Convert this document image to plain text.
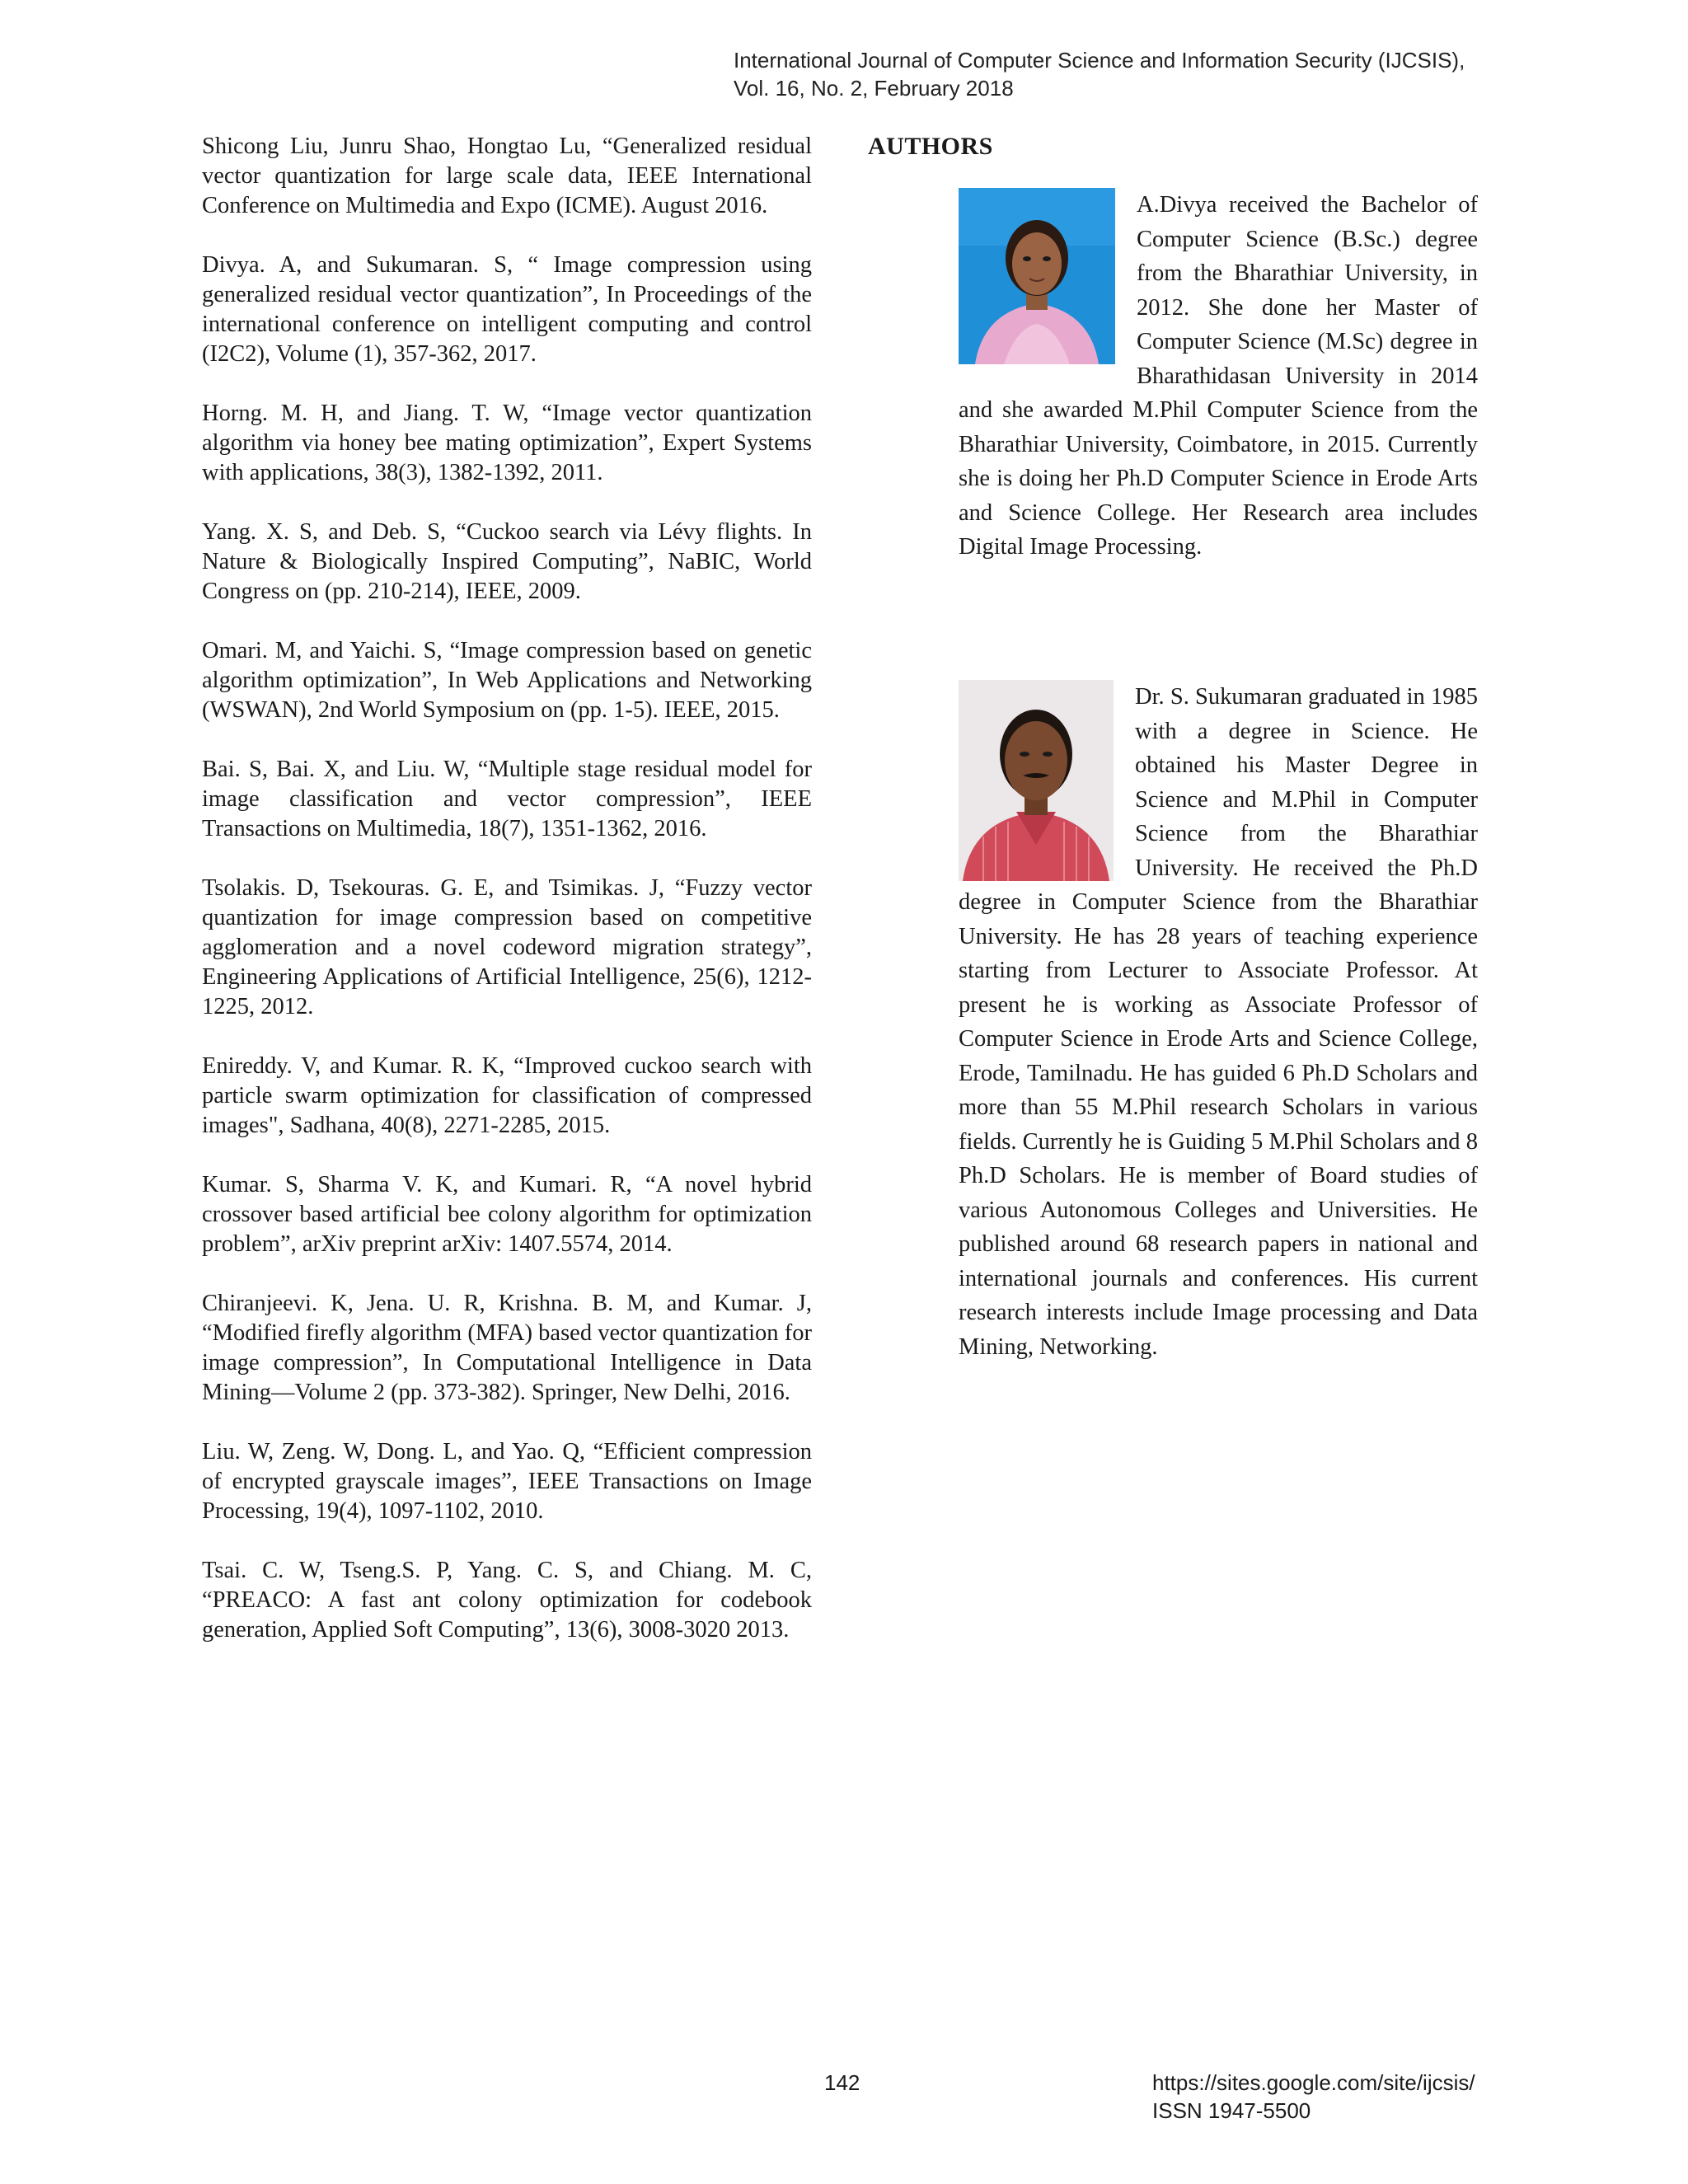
International Journal of Computer Science and Information Security (IJCSIS),
Vol. 16, No. 2, February 2018

Shicong Liu, Junru Shao, Hongtao Lu, “Generalized residual vector quantization for large scale data, IEEE International Conference on Multimedia and Expo (ICME). August 2016.

Divya. A, and Sukumaran. S, “ Image compression using generalized residual vector quantization”, In Proceedings of the international conference on intelligent computing and control (I2C2), Volume (1), 357-362, 2017.

Horng. M. H, and Jiang. T. W, “Image vector quantization algorithm via honey bee mating optimization”, Expert Systems with applications, 38(3), 1382-1392, 2011.

Yang. X. S, and Deb. S, “Cuckoo search via Lévy flights. In Nature & Biologically Inspired Computing”, NaBIC, World Congress on (pp. 210-214), IEEE, 2009.

Omari. M, and Yaichi. S, “Image compression based on genetic algorithm optimization”, In Web Applications and Networking (WSWAN), 2nd World Symposium on (pp. 1-5). IEEE, 2015.

Bai. S, Bai. X, and Liu. W, “Multiple stage residual model for image classification and vector compression”, IEEE Transactions on Multimedia, 18(7), 1351-1362, 2016.

Tsolakis. D, Tsekouras. G. E, and Tsimikas. J, “Fuzzy vector quantization for image compression based on competitive agglomeration and a novel codeword migration strategy”, Engineering Applications of Artificial Intelligence, 25(6), 1212-1225, 2012.

Enireddy. V, and Kumar. R. K, “Improved cuckoo search with particle swarm optimization for classification of compressed images", Sadhana, 40(8), 2271-2285, 2015.

Kumar. S, Sharma V. K, and Kumari. R, “A novel hybrid crossover based artificial bee colony algorithm for optimization problem”, arXiv preprint arXiv: 1407.5574, 2014.

Chiranjeevi. K, Jena. U. R, Krishna. B. M, and Kumar. J, “Modified firefly algorithm (MFA) based vector quantization for image compression”, In Computational Intelligence in Data Mining—Volume 2 (pp. 373-382). Springer, New Delhi, 2016.

Liu. W, Zeng. W, Dong. L, and Yao. Q, “Efficient compression of encrypted grayscale images”, IEEE Transactions on Image Processing, 19(4), 1097-1102, 2010.

Tsai. C. W, Tseng.S. P, Yang. C. S, and Chiang. M. C, “PREACO: A fast ant colony optimization for codebook generation, Applied Soft Computing”, 13(6), 3008-3020 2013.

AUTHORS

A.Divya received the Bachelor of Computer Science (B.Sc.) degree from the Bharathiar University, in 2012. She done her Master of Computer Science (M.Sc) degree in Bharathidasan University in 2014 and she awarded M.Phil Computer Science from the Bharathiar University, Coimbatore, in 2015. Currently she is doing her Ph.D Computer Science in Erode Arts and Science College. Her Research area includes Digital Image Processing.

Dr. S. Sukumaran graduated in 1985 with a degree in Science. He obtained his Master Degree in Science and M.Phil in Computer Science from the Bharathiar University. He received the Ph.D degree in Computer Science from the Bharathiar University. He has 28 years of teaching experience starting from Lecturer to Associate Professor. At present he is working as Associate Professor of Computer Science in Erode Arts and Science College, Erode, Tamilnadu. He has guided 6 Ph.D Scholars and more than 55 M.Phil research Scholars in various fields. Currently he is Guiding 5 M.Phil Scholars and 8 Ph.D Scholars. He is member of Board studies of various Autonomous Colleges and Universities. He published around 68 research papers in national and international journals and conferences. His current research interests include Image processing and Data Mining, Networking.

142	https://sites.google.com/site/ijcsis/
ISSN 1947-5500
